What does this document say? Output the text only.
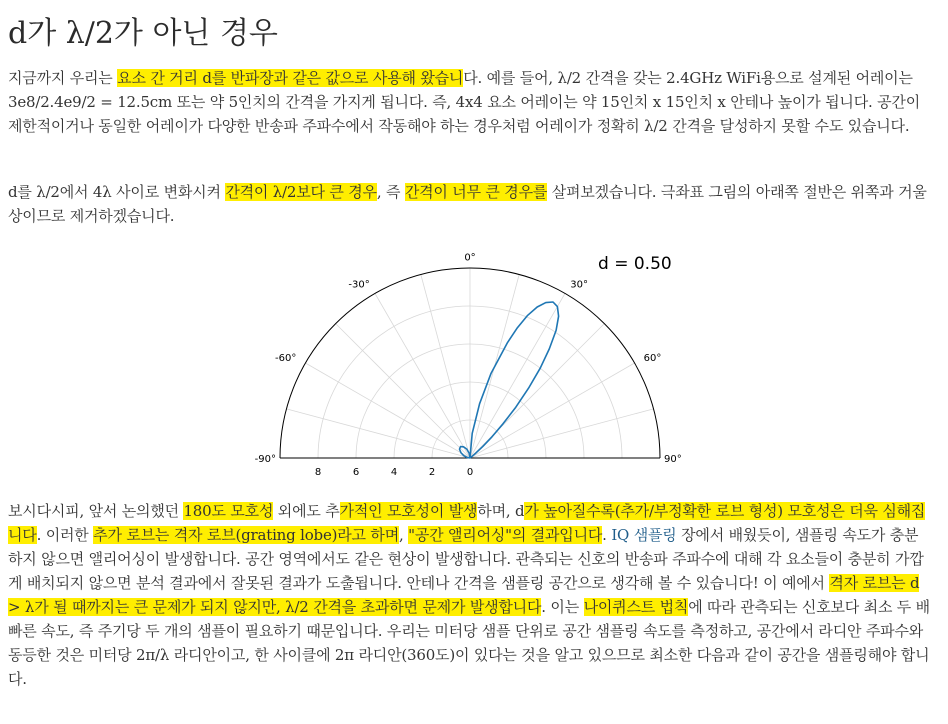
d가 λ/2가 아닌 경우

지금까지 우리는 요소 간 거리 d를 반파장과 같은 값으로 사용해 왔습니다. 예를 들어, λ/2 간격을 갖는 2.4GHz WiFi용으로 설계된 어레이는 3e8/2.4e9/2 = 12.5cm 또는 약 5인치의 간격을 가지게 됩니다. 즉, 4x4 요소 어레이는 약 15인치 x 15인치 x 안테나 높이가 됩니다. 공간이 제한적이거나 동일한 어레이가 다양한 반송파 주파수에서 작동해야 하는 경우처럼 어레이가 정확히 λ/2 간격을 달성하지 못할 수도 있습니다.

d를 λ/2에서 4λ 사이로 변화시켜 간격이 λ/2보다 큰 경우, 즉 간격이 너무 큰 경우를 살펴보겠습니다. 극좌표 그림의 아래쪽 절반은 위쪽과 거울상이므로 제거하겠습니다.

-90°
-60°
-30°
0°
30°
60°
90°
8	6	4	2	0
d = 0.50

보시다시피, 앞서 논의했던 180도 모호성 외에도 추가적인 모호성이 발생하며, d가 높아질수록(추가/부정확한 로브 형성) 모호성은 더욱 심해집니다. 이러한 추가 로브는 격자 로브(grating lobe)라고 하며, "공간 앨리어싱"의 결과입니다. IQ 샘플링 장에서 배웠듯이, 샘플링 속도가 충분하지 않으면 앨리어싱이 발생합니다. 공간 영역에서도 같은 현상이 발생합니다. 관측되는 신호의 반송파 주파수에 대해 각 요소들이 충분히 가깝게 배치되지 않으면 분석 결과에서 잘못된 결과가 도출됩니다. 안테나 간격을 샘플링 공간으로 생각해 볼 수 있습니다! 이 예에서 격자 로브는 d > λ가 될 때까지는 큰 문제가 되지 않지만, λ/2 간격을 초과하면 문제가 발생합니다. 이는 나이퀴스트 법칙에 따라 관측되는 신호보다 최소 두 배 빠른 속도, 즉 주기당 두 개의 샘플이 필요하기 때문입니다. 우리는 미터당 샘플 단위로 공간 샘플링 속도를 측정하고, 공간에서 라디안 주파수와 동등한 것은 미터당 2π/λ 라디안이고, 한 사이클에 2π 라디안(360도)이 있다는 것을 알고 있으므로 최소한 다음과 같이 공간을 샘플링해야 합니다.
